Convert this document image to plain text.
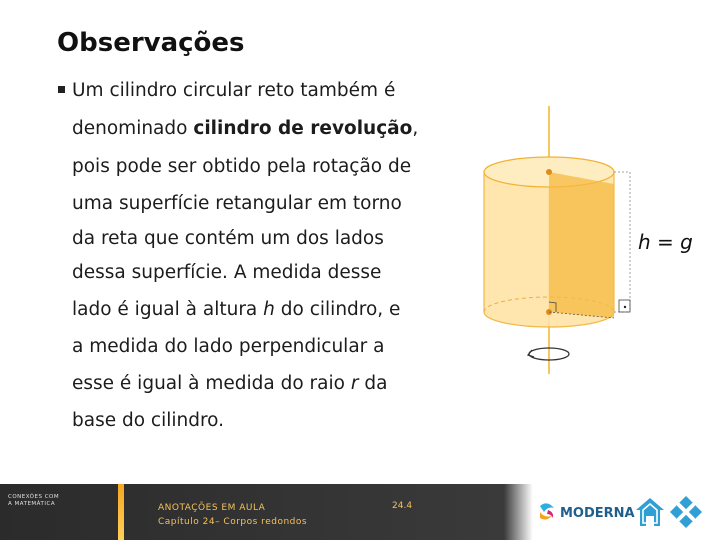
Observações
Um cilindro circular reto também é
denominado cilindro de revolução,
pois pode ser obtido pela rotação de
uma superfície retangular em torno
da reta que contém um dos lados
dessa superfície. A medida desse
lado é igual à altura h do cilindro, e
a medida do lado perpendicular a
esse é igual à medida do raio r da
base do cilindro.
h = g
CONEXÕES COM
A MATEMÁTICA	ANOTAÇÕES EM AULA
Capítulo 24– Corpos redondos
24.4	MODERNA
